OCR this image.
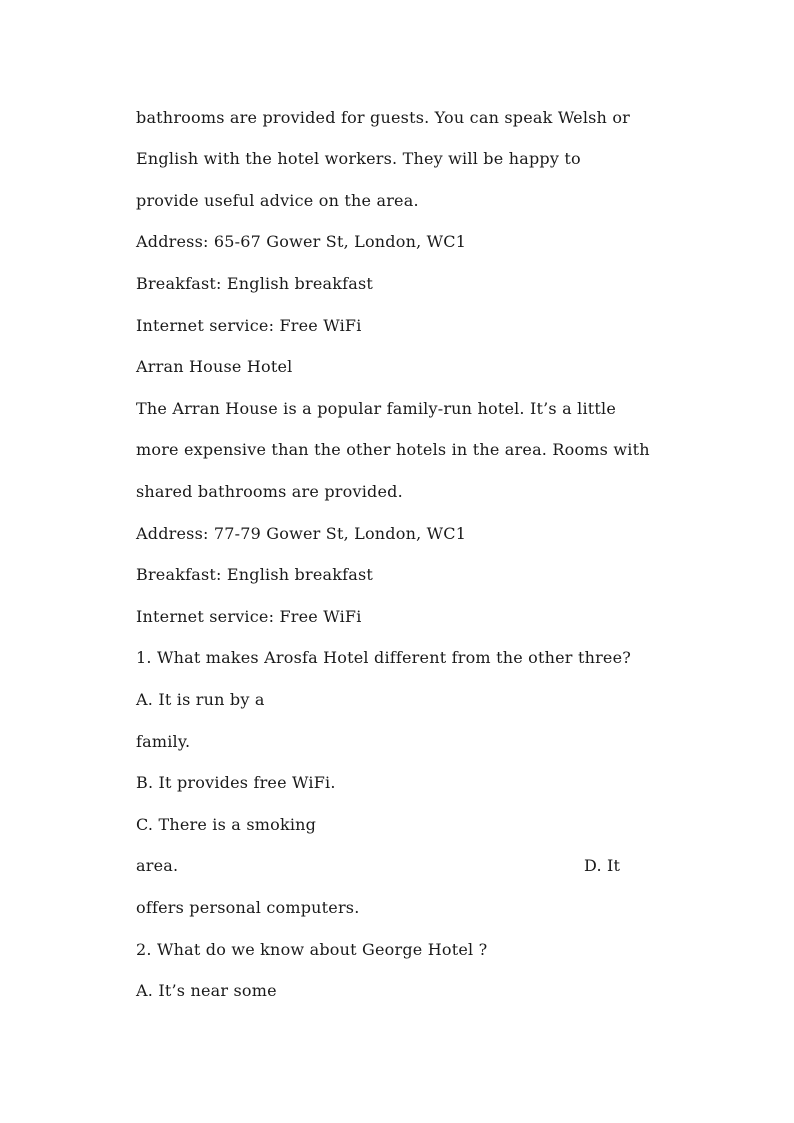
bathrooms are provided for guests. You can speak Welsh or
English with the hotel workers. They will be happy to
provide useful advice on the area.
Address: 65-67 Gower St, London, WC1
Breakfast: English breakfast
Internet service: Free WiFi
Arran House Hotel
The Arran House is a popular family-run hotel. It’s a little
more expensive than the other hotels in the area. Rooms with
shared bathrooms are provided.
Address: 77-79 Gower St, London, WC1
Breakfast: English breakfast
Internet service: Free WiFi
1. What makes Arosfa Hotel different from the other three?
A. It is run by a
family.
B. It provides free WiFi.
C. There is a smoking
area.	D. It
offers personal computers.
2. What do we know about George Hotel ?
A. It’s near some
